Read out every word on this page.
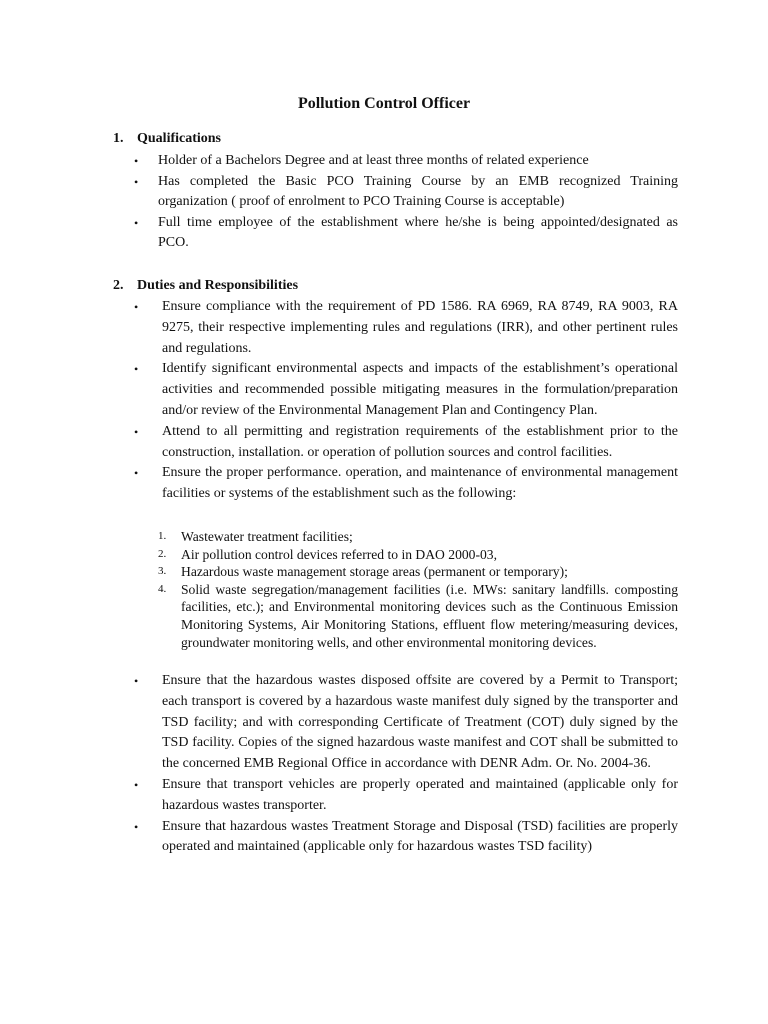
Pollution Control Officer
1. Qualifications
• Holder of a Bachelors Degree and at least three months of related experience
• Has completed the Basic PCO Training Course by an EMB recognized Training organization ( proof of enrolment to PCO Training Course is acceptable)
• Full time employee of the establishment where he/she is being appointed/designated as PCO.
2. Duties and Responsibilities
• Ensure compliance with the requirement of PD 1586. RA 6969, RA 8749, RA 9003, RA 9275, their respective implementing rules and regulations (IRR), and other pertinent rules and regulations.
• Identify significant environmental aspects and impacts of the establishment’s operational activities and recommended possible mitigating measures in the formulation/preparation and/or review of the Environmental Management Plan and Contingency Plan.
• Attend to all permitting and registration requirements of the establishment prior to the construction, installation. or operation of pollution sources and control facilities.
• Ensure the proper performance. operation, and maintenance of environmental management facilities or systems of the establishment such as the following:
1. Wastewater treatment facilities;
2. Air pollution control devices referred to in DAO 2000-03,
3. Hazardous waste management storage areas (permanent or temporary);
4. Solid waste segregation/management facilities (i.e. MWs: sanitary landfills. composting facilities, etc.); and Environmental monitoring devices such as the Continuous Emission Monitoring Systems, Air Monitoring Stations, effluent flow metering/measuring devices, groundwater monitoring wells, and other environmental monitoring devices.
• Ensure that the hazardous wastes disposed offsite are covered by a Permit to Transport; each transport is covered by a hazardous waste manifest duly signed by the transporter and TSD facility; and with corresponding Certificate of Treatment (COT) duly signed by the TSD facility. Copies of the signed hazardous waste manifest and COT shall be submitted to the concerned EMB Regional Office in accordance with DENR Adm. Or. No. 2004-36.
• Ensure that transport vehicles are properly operated and maintained (applicable only for hazardous wastes transporter.
• Ensure that hazardous wastes Treatment Storage and Disposal (TSD) facilities are properly operated and maintained (applicable only for hazardous wastes TSD facility)
